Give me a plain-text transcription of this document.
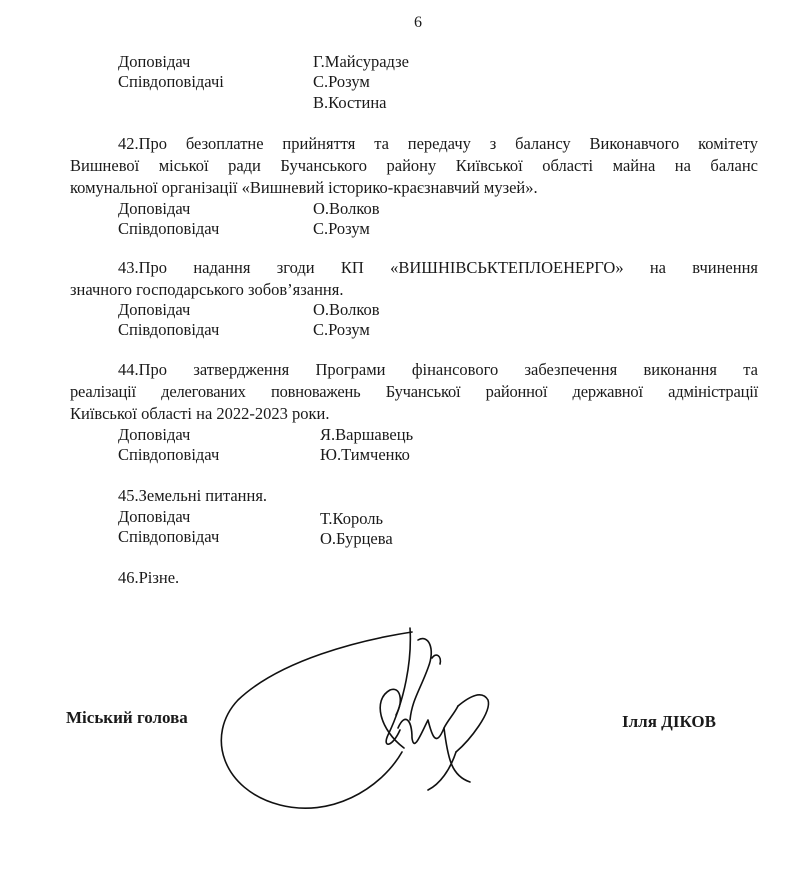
6
Доповідач	Г.Майсурадзе
Співдоповідачі	С.Розум
В.Костина
42.Про безоплатне прийняття та передачу з балансу Виконавчого комітету
Вишневої міської ради Бучанського району Київської області майна на баланс
комунальної організації «Вишневий історико-краєзнавчий музей».
Доповідач	О.Волков
Співдоповідач	С.Розум
43.Про надання згоди КП «ВИШНІВСЬКТЕПЛОЕНЕРГО» на вчинення
значного господарського зобов’язання.
Доповідач	О.Волков
Співдоповідач	С.Розум
44.Про затвердження Програми фінансового забезпечення виконання та
реалізації делегованих повноважень Бучанської районної державної адміністрації
Київської області на 2022-2023 роки.
Доповідач	Я.Варшавець
Співдоповідач	Ю.Тимченко
45.Земельні питання.
Доповідач	Т.Король
Співдоповідач	О.Бурцева
46.Різне.
Міський голова	Ілля ДІКОВ
